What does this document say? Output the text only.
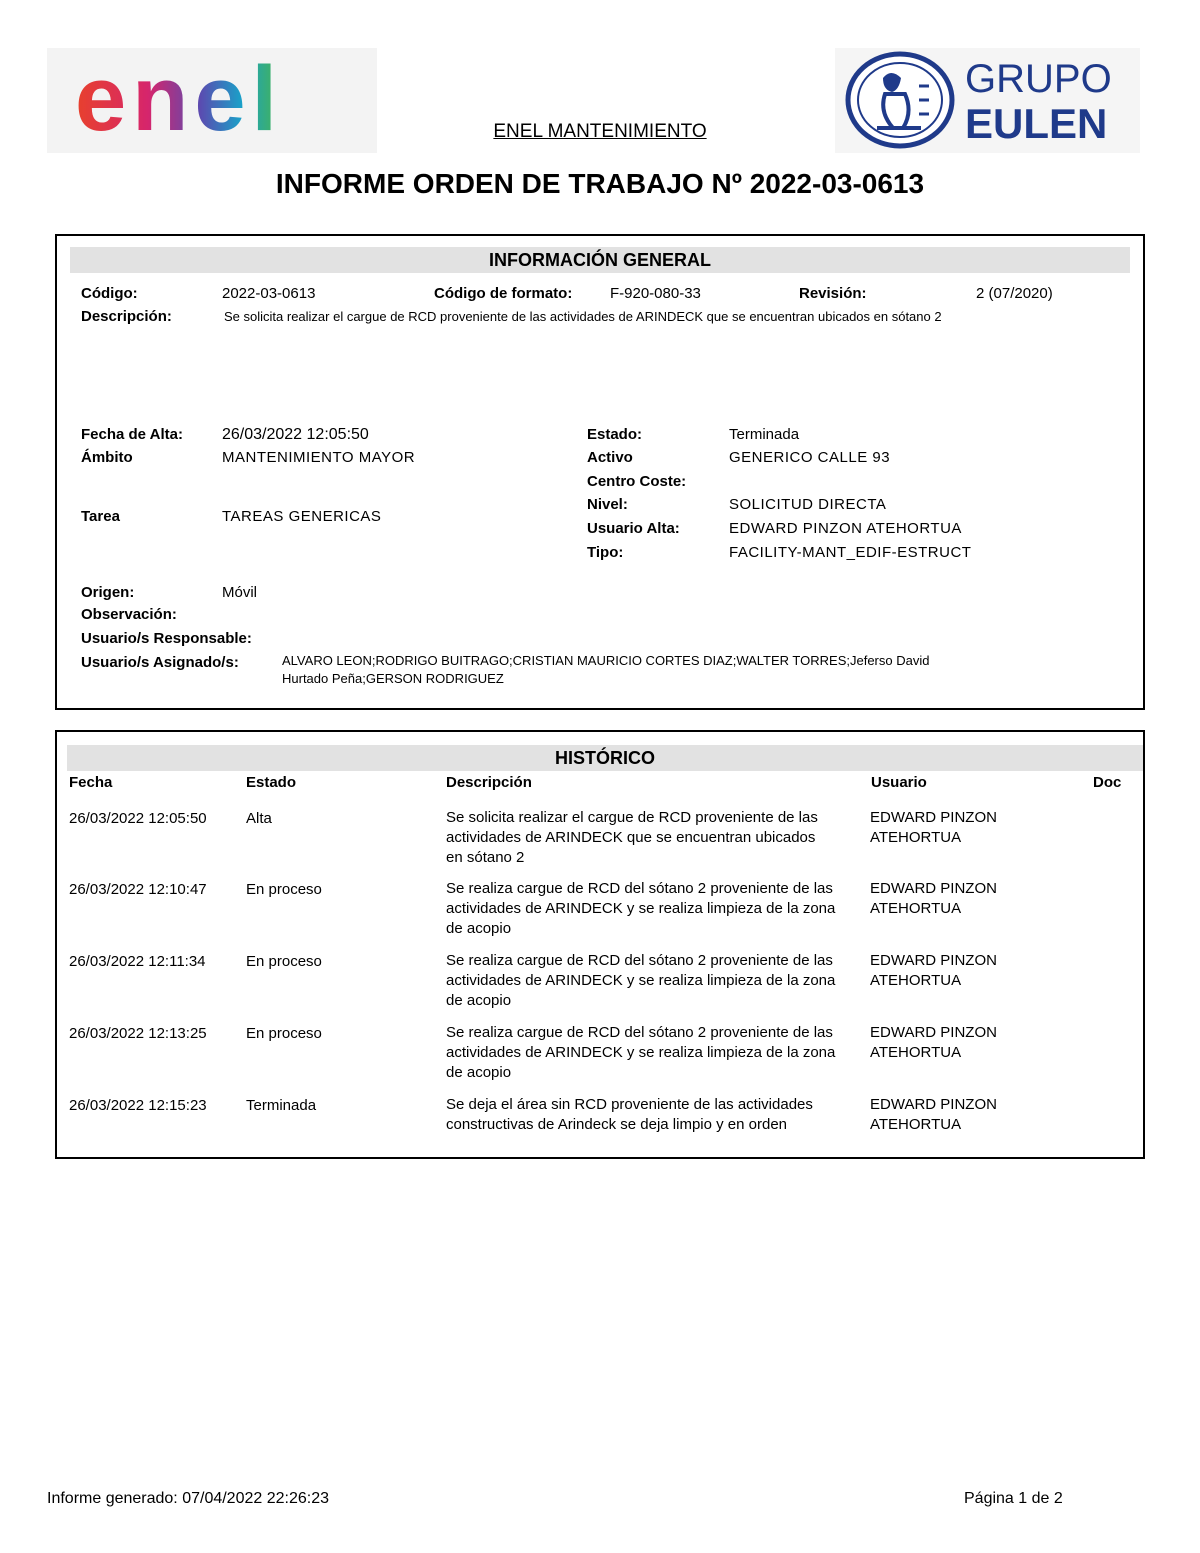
enel	GRUPO
EULEN
ENEL MANTENIMIENTO
INFORME ORDEN DE TRABAJO Nº 2022-03-0613
INFORMACIÓN GENERAL
Código:	2022-03-0613	Código de formato:	F-920-080-33	Revisión:	2 (07/2020)
Descripción:	Se solicita realizar el cargue de RCD proveniente de las actividades de ARINDECK que se encuentran ubicados en sótano 2
Fecha de Alta: 26/03/2022 12:05:50
Ámbito	MANTENIMIENTO MAYOR
Tarea	TAREAS GENERICAS
Estado:	Terminada
Activo	GENERICO CALLE 93
Centro Coste:
Nivel:	SOLICITUD DIRECTA
Usuario Alta:	EDWARD PINZON ATEHORTUA
Tipo:	FACILITY-MANT_EDIF-ESTRUCT
Origen:	Móvil
Observación:
Usuario/s Responsable:
Usuario/s Asignado/s:	ALVARO LEON;RODRIGO BUITRAGO;CRISTIAN MAURICIO CORTES DIAZ;WALTER TORRES;Jeferso David
Hurtado Peña;GERSON RODRIGUEZ
HISTÓRICO
Fecha	Estado	Descripción	Usuario	Doc
26/03/2022 12:05:50	Alta	Se solicita realizar el cargue de RCD proveniente de las actividades de ARINDECK que se encuentran ubicados en sótano 2
EDWARD PINZON ATEHORTUA
26/03/2022 12:10:47	En proceso	Se realiza cargue de RCD del sótano 2 proveniente de las actividades de ARINDECK y se realiza limpieza de la zona de acopio
EDWARD PINZON ATEHORTUA
26/03/2022 12:11:34	En proceso	Se realiza cargue de RCD del sótano 2 proveniente de las actividades de ARINDECK y se realiza limpieza de la zona de acopio
EDWARD PINZON ATEHORTUA
26/03/2022 12:13:25	En proceso	Se realiza cargue de RCD del sótano 2 proveniente de las actividades de ARINDECK y se realiza limpieza de la zona de acopio
EDWARD PINZON ATEHORTUA
26/03/2022 12:15:23	Terminada	Se deja el área sin RCD proveniente de las actividades constructivas de Arindeck se deja limpio y en orden
EDWARD PINZON ATEHORTUA
Informe generado: 07/04/2022 22:26:23	Página 1 de 2
